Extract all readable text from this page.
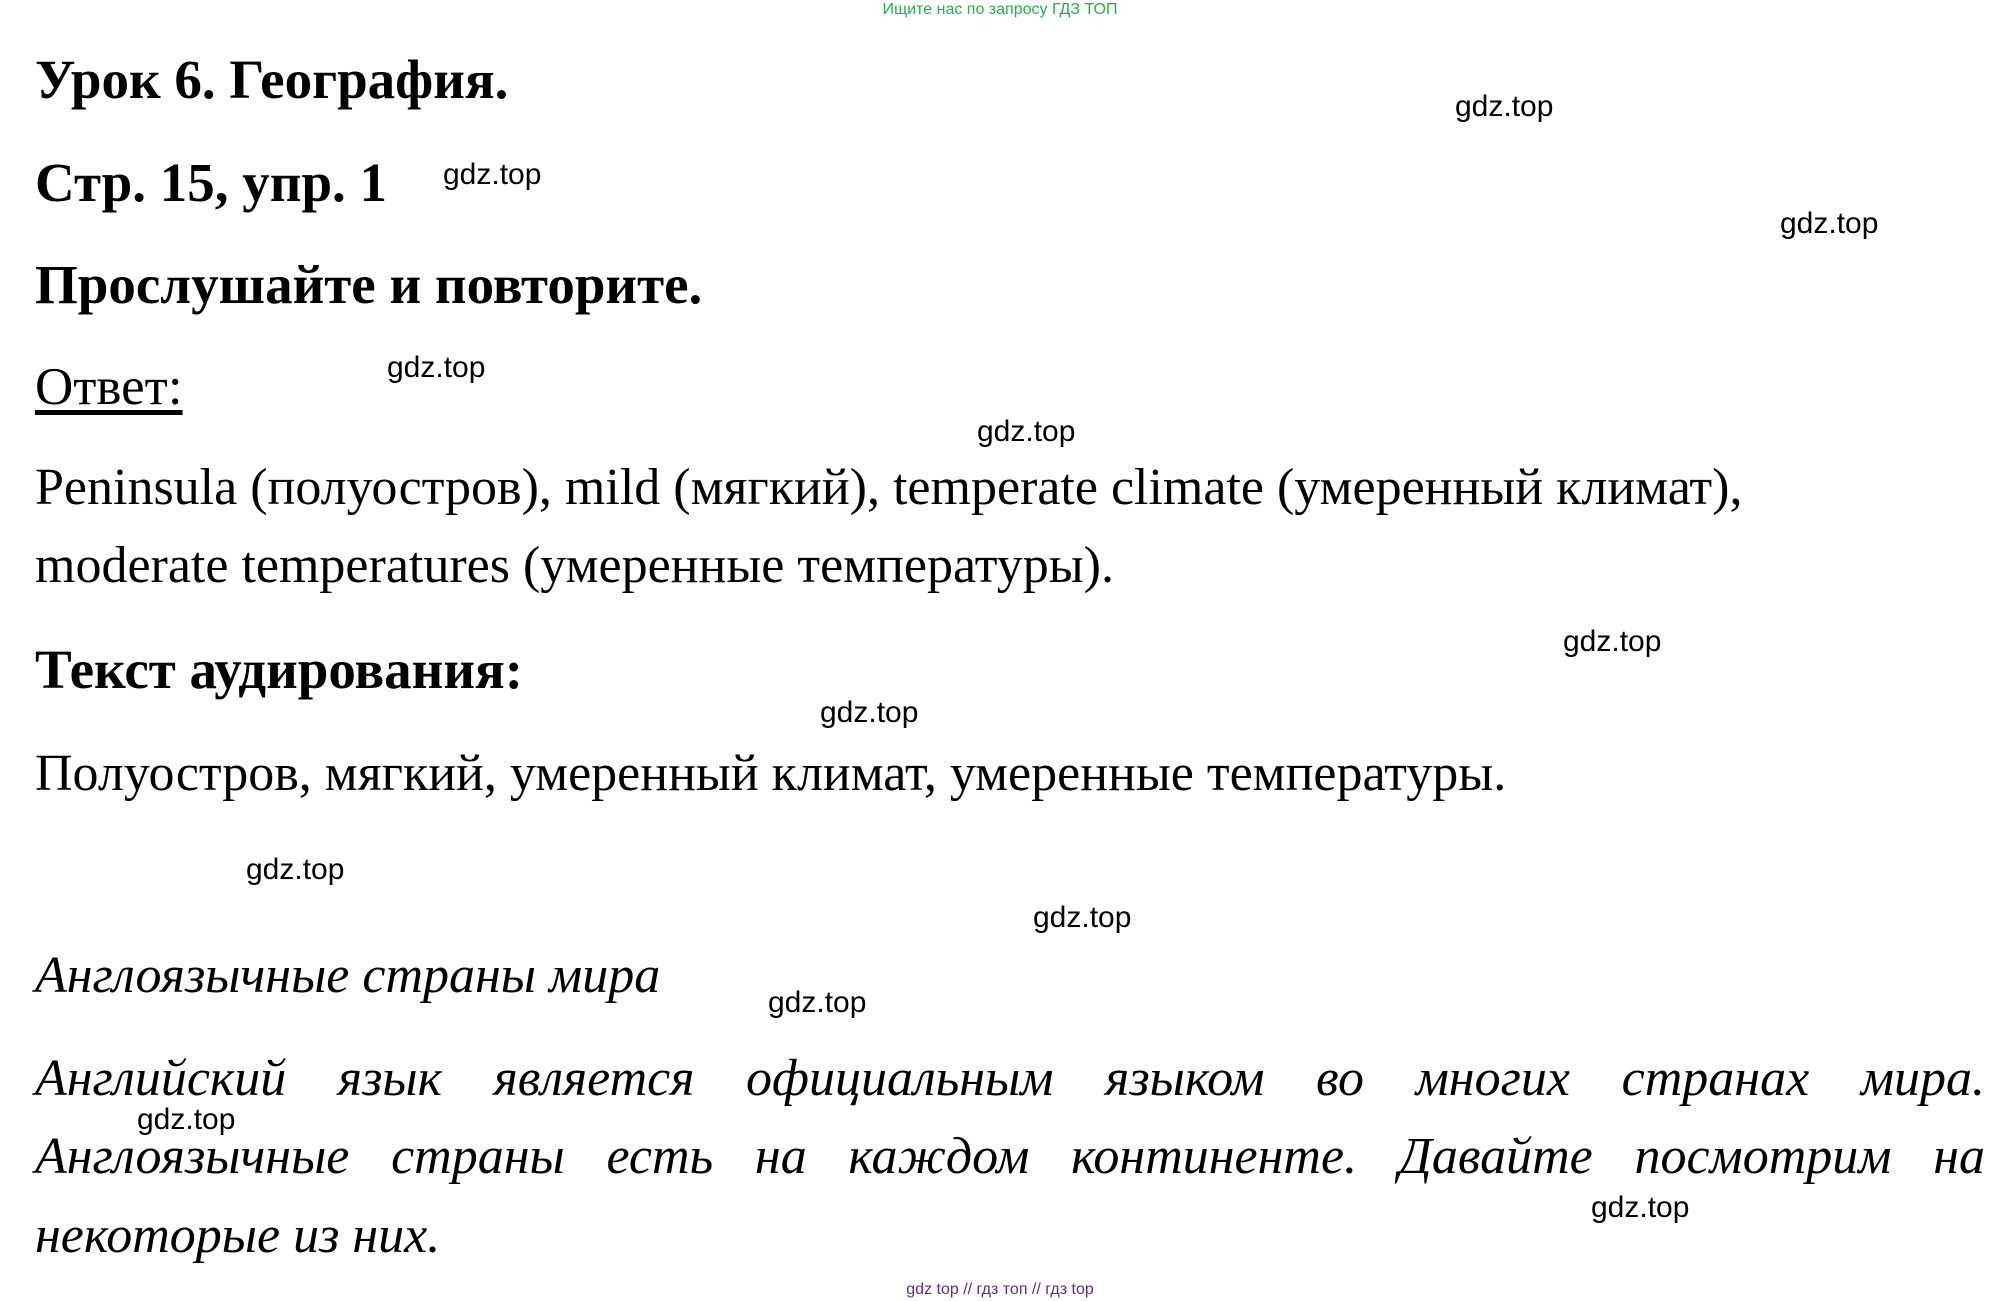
Ищите нас по запросу ГДЗ ТОП
Урок 6. География.
Стр. 15, упр. 1
Прослушайте и повторите.
Ответ:
Peninsula (полуостров), mild (мягкий), temperate climate (умеренный климат),
moderate temperatures (умеренные температуры).
Текст аудирования:
Полуостров, мягкий, умеренный климат, умеренные температуры.
Англоязычные страны мира
Английский язык является официальным языком во многих странах мира.
Англоязычные страны есть на каждом континенте. Давайте посмотрим на
некоторые из них.
gdz.top
gdz.top
gdz.top
gdz.top
gdz.top
gdz.top
gdz.top
gdz.top
gdz.top
gdz.top
gdz.top
gdz.top
gdz top // гдз топ // гдз top
